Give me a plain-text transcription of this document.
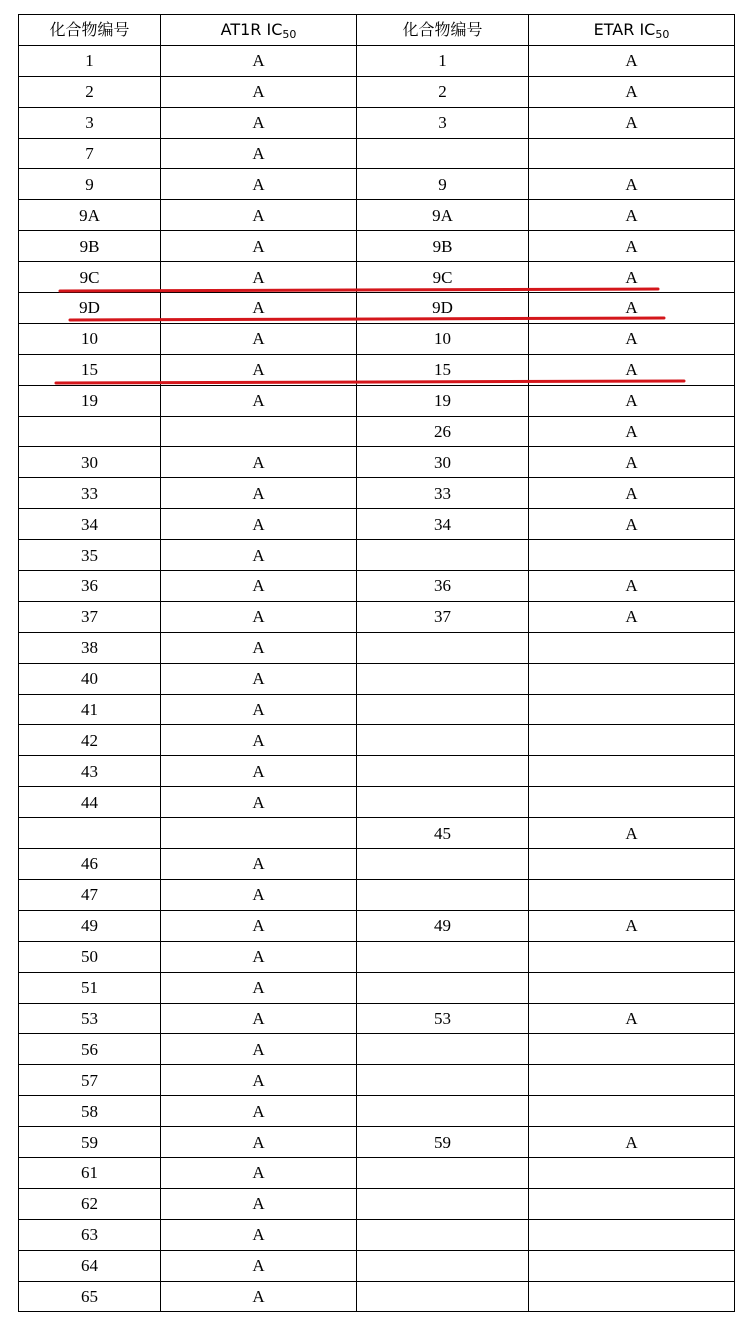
化合物编号	AT1R $IC_{50}$	化合物编号	ETAR $IC_{50}$
1	A	1	A
2	A	2	A
3	A	3	A
7	A		
9	A	9	A
9A	A	9A	A
9B	A	9B	A
9C	A	9C	A
9D	A	9D	A
10	A	10	A
15	A	15	A
19	A	19	A
		26	A
30	A	30	A
33	A	33	A
34	A	34	A
35	A		
36	A	36	A
37	A	37	A
38	A		
40	A		
41	A		
42	A		
43	A		
44	A		
		45	A
46	A		
47	A		
49	A	49	A
50	A		
51	A		
53	A	53	A
56	A		
57	A		
58	A		
59	A	59	A
61	A		
62	A		
63	A		
64	A		
65	A		
